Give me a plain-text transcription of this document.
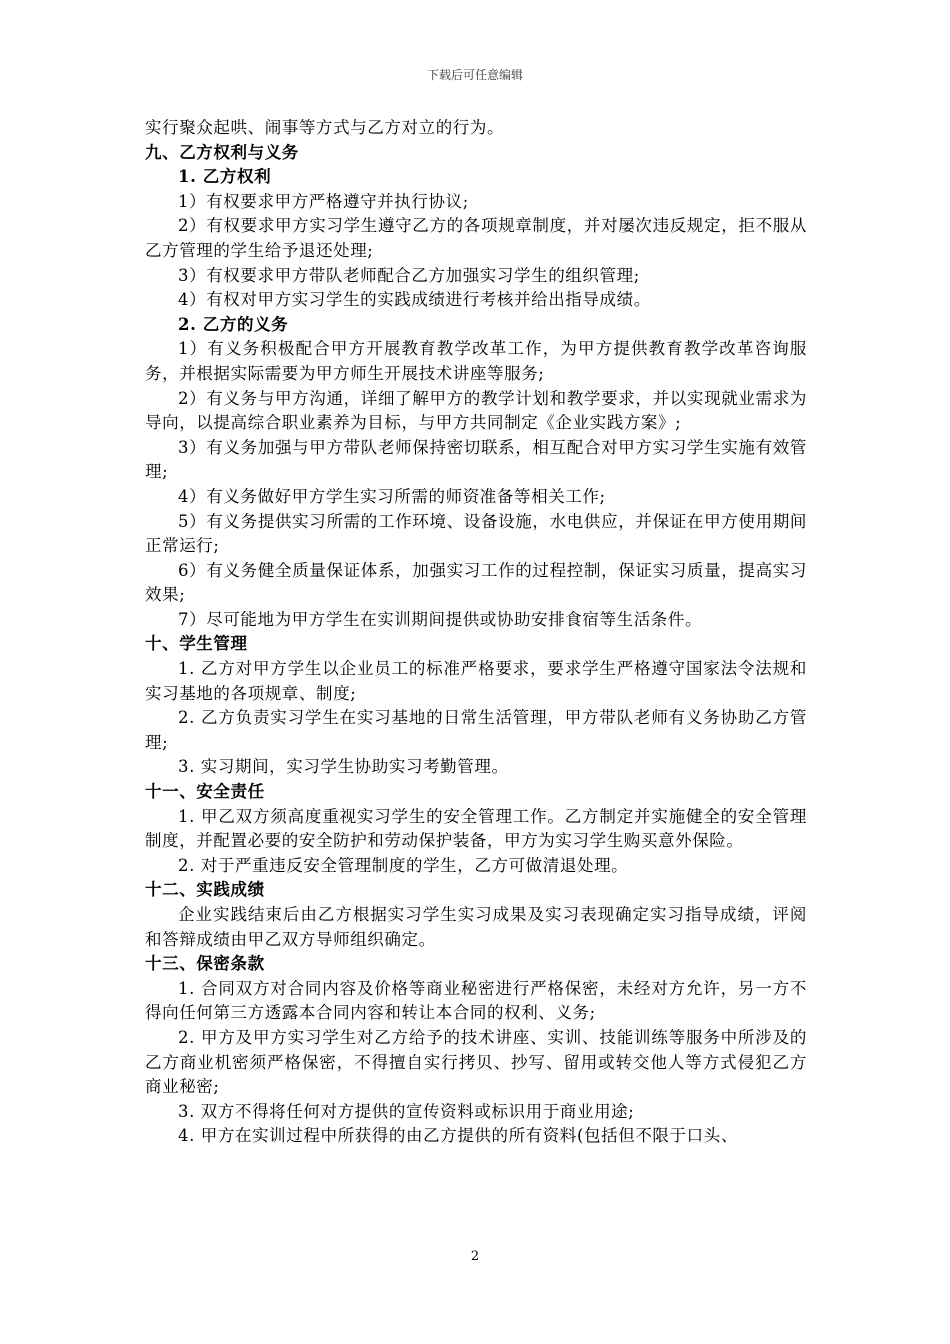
下载后可任意编辑

实行聚众起哄、闹事等方式与乙方对立的行为。

九、乙方权利与义务

1. 乙方权利

1）有权要求甲方严格遵守并执行协议;

2）有权要求甲方实习学生遵守乙方的各项规章制度，并对屡次违反规定，拒不服从乙方管理的学生给予退还处理;

3）有权要求甲方带队老师配合乙方加强实习学生的组织管理;

4）有权对甲方实习学生的实践成绩进行考核并给出指导成绩。

2. 乙方的义务

1）有义务积极配合甲方开展教育教学改革工作，为甲方提供教育教学改革咨询服务，并根据实际需要为甲方师生开展技术讲座等服务;

2）有义务与甲方沟通，详细了解甲方的教学计划和教学要求，并以实现就业需求为导向，以提高综合职业素养为目标，与甲方共同制定《企业实践方案》;

3）有义务加强与甲方带队老师保持密切联系，相互配合对甲方实习学生实施有效管理;

4）有义务做好甲方学生实习所需的师资准备等相关工作;

5）有义务提供实习所需的工作环境、设备设施，水电供应，并保证在甲方使用期间正常运行;

6）有义务健全质量保证体系，加强实习工作的过程控制，保证实习质量，提高实习效果;

7）尽可能地为甲方学生在实训期间提供或协助安排食宿等生活条件。

十、学生管理

1. 乙方对甲方学生以企业员工的标准严格要求，要求学生严格遵守国家法令法规和实习基地的各项规章、制度;

2. 乙方负责实习学生在实习基地的日常生活管理，甲方带队老师有义务协助乙方管理;

3. 实习期间，实习学生协助实习考勤管理。

十一、安全责任

1. 甲乙双方须高度重视实习学生的安全管理工作。乙方制定并实施健全的安全管理制度，并配置必要的安全防护和劳动保护装备，甲方为实习学生购买意外保险。

2. 对于严重违反安全管理制度的学生，乙方可做清退处理。

十二、实践成绩

企业实践结束后由乙方根据实习学生实习成果及实习表现确定实习指导成绩，评阅和答辩成绩由甲乙双方导师组织确定。

十三、保密条款

1. 合同双方对合同内容及价格等商业秘密进行严格保密，未经对方允许，另一方不得向任何第三方透露本合同内容和转让本合同的权利、义务;

2. 甲方及甲方实习学生对乙方给予的技术讲座、实训、技能训练等服务中所涉及的乙方商业机密须严格保密，不得擅自实行拷贝、抄写、留用或转交他人等方式侵犯乙方商业秘密;

3. 双方不得将任何对方提供的宣传资料或标识用于商业用途;

4. 甲方在实训过程中所获得的由乙方提供的所有资料(包括但不限于口头、

2
